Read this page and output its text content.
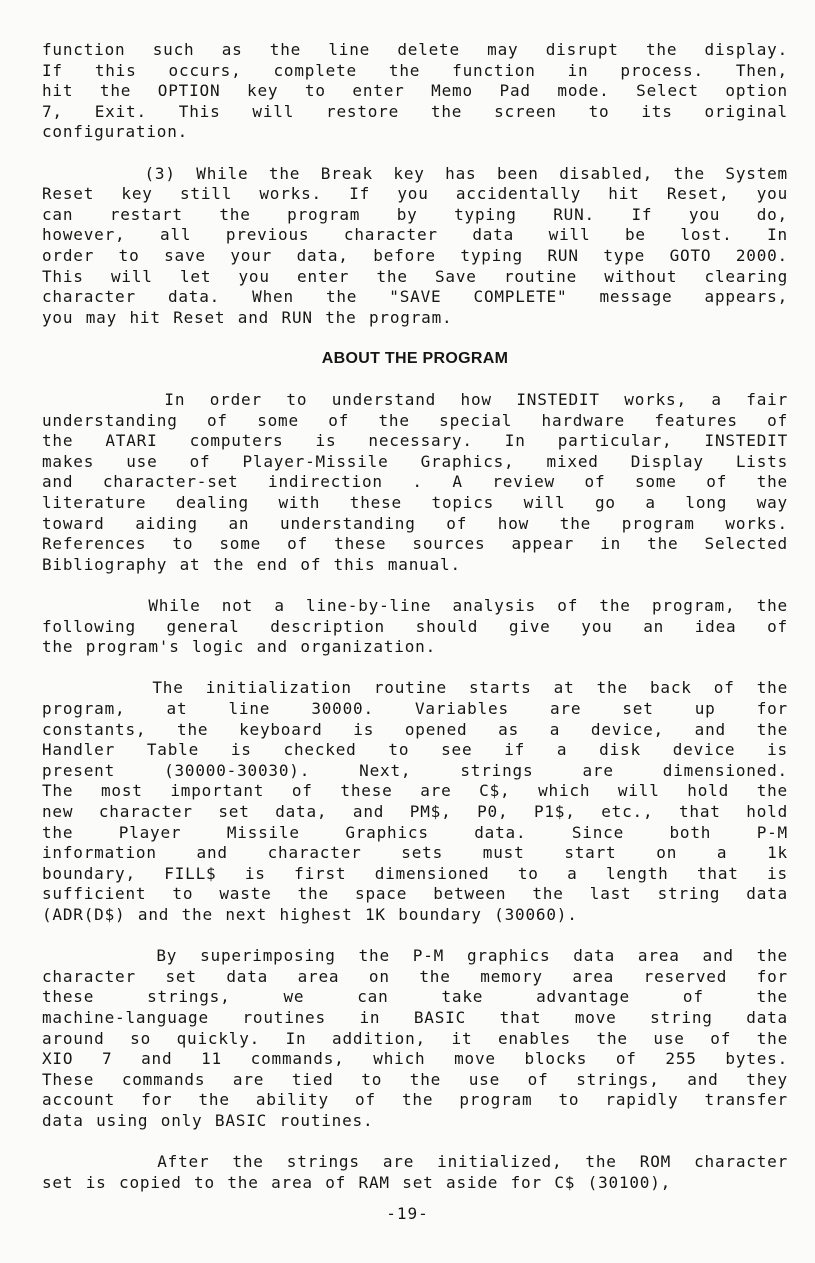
function such as the line delete may disrupt the display.
If this occurs, complete the function in process. Then,
hit the OPTION key to enter Memo Pad mode. Select option
7, Exit. This will restore the screen to its original
configuration.
(3) While the Break key has been disabled, the System
Reset key still works. If you accidentally hit Reset, you
can restart the program by typing RUN. If you do,
however, all previous character data will be lost. In
order to save your data, before typing RUN type GOTO 2000.
This will let you enter the Save routine without clearing
character data. When the "SAVE COMPLETE" message appears,
you may hit Reset and RUN the program.
ABOUT THE PROGRAM
In order to understand how INSTEDIT works, a fair
understanding of some of the special hardware features of
the ATARI computers is necessary. In particular, INSTEDIT
makes use of Player-Missile Graphics, mixed Display Lists
and character-set indirection . A review of some of the
literature dealing with these topics will go a long way
toward aiding an understanding of how the program works.
References to some of these sources appear in the Selected
Bibliography at the end of this manual.
While not a line-by-line analysis of the program, the
following general description should give you an idea of
the program's logic and organization.
The initialization routine starts at the back of the
program, at line 30000. Variables are set up for
constants, the keyboard is opened as a device, and the
Handler Table is checked to see if a disk device is
present (30000-30030). Next, strings are dimensioned.
The most important of these are C$, which will hold the
new character set data, and PM$, P0, P1$, etc., that hold
the Player Missile Graphics data. Since both P-M
information and character sets must start on a 1k
boundary, FILL$ is first dimensioned to a length that is
sufficient to waste the space between the last string data
(ADR(D$) and the next highest 1K boundary (30060).
By superimposing the P-M graphics data area and the
character set data area on the memory area reserved for
these strings, we can take advantage of the
machine-language routines in BASIC that move string data
around so quickly. In addition, it enables the use of the
XIO 7 and 11 commands, which move blocks of 255 bytes.
These commands are tied to the use of strings, and they
account for the ability of the program to rapidly transfer
data using only BASIC routines.
After the strings are initialized, the ROM character
set is copied to the area of RAM set aside for C$ (30100),
-19-
